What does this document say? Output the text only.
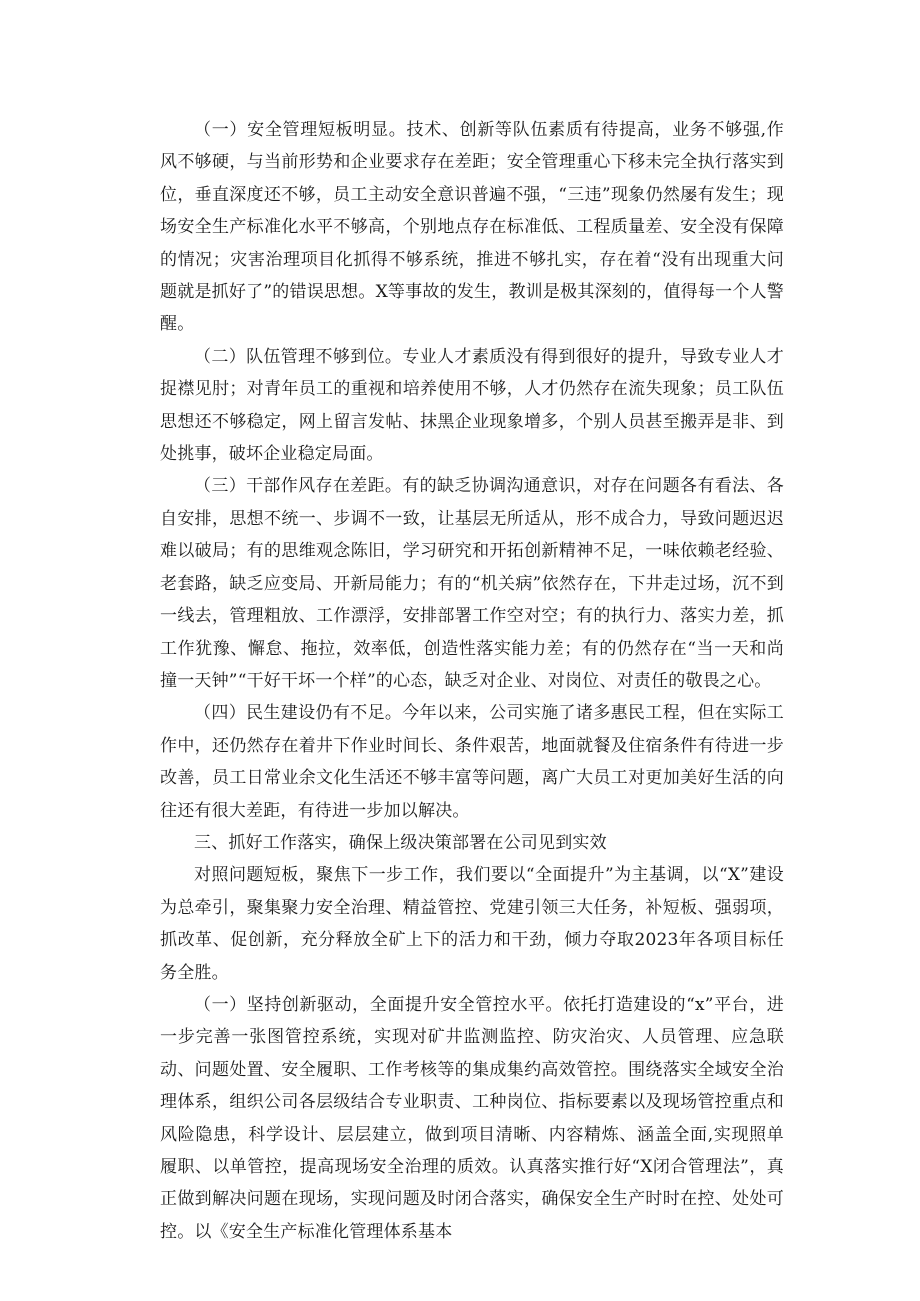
（一）安全管理短板明显。技术、创新等队伍素质有待提高，业务不够强,作风不够硬，与当前形势和企业要求存在差距；安全管理重心下移未完全执行落实到位，垂直深度还不够，员工主动安全意识普遍不强，“三违”现象仍然屡有发生；现场安全生产标准化水平不够高，个别地点存在标准低、工程质量差、安全没有保障的情况；灾害治理项目化抓得不够系统，推进不够扎实，存在着“没有出现重大问题就是抓好了”的错误思想。X等事故的发生，教训是极其深刻的，值得每一个人警醒。

（二）队伍管理不够到位。专业人才素质没有得到很好的提升，导致专业人才捉襟见肘；对青年员工的重视和培养使用不够，人才仍然存在流失现象；员工队伍思想还不够稳定，网上留言发帖、抹黑企业现象增多，个别人员甚至搬弄是非、到处挑事，破坏企业稳定局面。

（三）干部作风存在差距。有的缺乏协调沟通意识，对存在问题各有看法、各自安排，思想不统一、步调不一致，让基层无所适从，形不成合力，导致问题迟迟难以破局；有的思维观念陈旧，学习研究和开拓创新精神不足，一味依赖老经验、老套路，缺乏应变局、开新局能力；有的“机关病”依然存在，下井走过场，沉不到一线去，管理粗放、工作漂浮，安排部署工作空对空；有的执行力、落实力差，抓工作犹豫、懈怠、拖拉，效率低，创造性落实能力差；有的仍然存在“当一天和尚撞一天钟”“干好干坏一个样”的心态，缺乏对企业、对岗位、对责任的敬畏之心。

（四）民生建设仍有不足。今年以来，公司实施了诸多惠民工程，但在实际工作中，还仍然存在着井下作业时间长、条件艰苦，地面就餐及住宿条件有待进一步改善，员工日常业余文化生活还不够丰富等问题，离广大员工对更加美好生活的向往还有很大差距，有待进一步加以解决。

三、抓好工作落实，确保上级决策部署在公司见到实效

对照问题短板，聚焦下一步工作，我们要以“全面提升”为主基调，以“X”建设为总牵引，聚集聚力安全治理、精益管控、党建引领三大任务，补短板、强弱项，抓改革、促创新，充分释放全矿上下的活力和干劲，倾力夺取2023年各项目标任务全胜。

（一）坚持创新驱动，全面提升安全管控水平。依托打造建设的“x”平台，进一步完善一张图管控系统，实现对矿井监测监控、防灾治灾、人员管理、应急联动、问题处置、安全履职、工作考核等的集成集约高效管控。围绕落实全域安全治理体系，组织公司各层级结合专业职责、工种岗位、指标要素以及现场管控重点和风险隐患，科学设计、层层建立，做到项目清晰、内容精炼、涵盖全面,实现照单履职、以单管控，提高现场安全治理的质效。认真落实推行好“X闭合管理法”，真正做到解决问题在现场，实现问题及时闭合落实，确保安全生产时时在控、处处可控。以《安全生产标准化管理体系基本
